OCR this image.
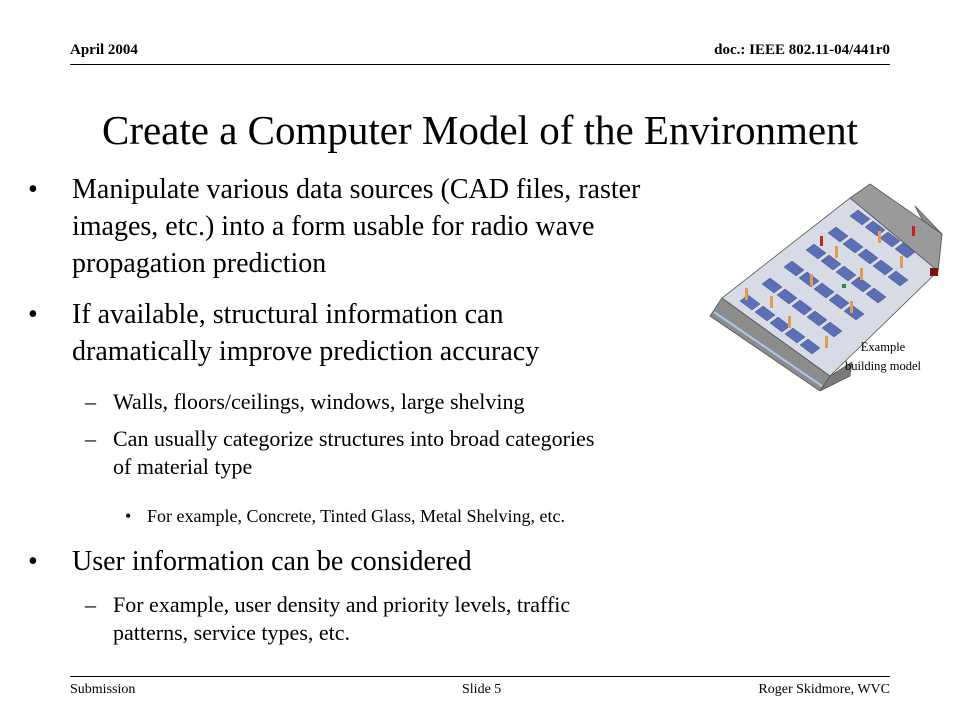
April 2004	doc.: IEEE 802.11-04/441r0
Create a Computer Model of the Environment
• Manipulate various data sources (CAD files, raster
images, etc.) into a form usable for radio wave
propagation prediction
• If available, structural information can
dramatically improve prediction accuracy
– Walls, floors/ceilings, windows, large shelving
– Can usually categorize structures into broad categories
of material type
• For example, Concrete, Tinted Glass, Metal Shelving, etc.
• User information can be considered
– For example, user density and priority levels, traffic
patterns, service types, etc.
Example
building model
Submission	Slide 5	Roger Skidmore, WVC
